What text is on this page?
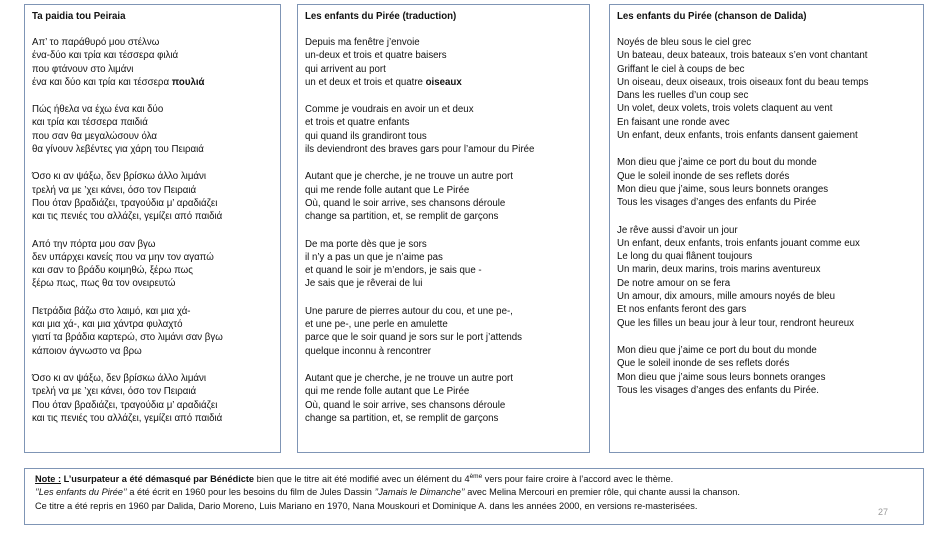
Ta paidia tou Peiraia
Απ’ το παράθυρό μου στέλνω
ένα-δύο και τρία και τέσσερα φιλιά
που φτάνουν στο λιμάνι
ένα και δύο και τρία και τέσσερα πουλιά
Πώς ήθελα να έχω ένα και δύο
και τρία και τέσσερα παιδιά
που σαν θα μεγαλώσουν όλα
θα γίνουν λεβέντες για χάρη του Πειραιά
Όσο κι αν ψάξω, δεν βρίσκω άλλο λιμάνι
τρελή να με ’χει κάνει, όσο τον Πειραιά
Που όταν βραδιάζει, τραγούδια μ’ αραδιάζει
και τις πενιές του αλλάζει, γεμίζει από παιδιά
Από την πόρτα μου σαν βγω
δεν υπάρχει κανείς που να μην τον αγαπώ
και σαν το βράδυ κοιμηθώ, ξέρω πως
ξέρω πως, πως θα τον ονειρευτώ
Πετράδια βάζω στο λαιμό, και μια χά-
και μια χά-, και μια χάντρα φυλαχτό
γιατί τα βράδια καρτερώ, στο λιμάνι σαν βγω
κάποιον άγνωστο να βρω
Όσο κι αν ψάξω, δεν βρίσκω άλλο λιμάνι
τρελή να με ’χει κάνει, όσο τον Πειραιά
Που όταν βραδιάζει, τραγούδια μ’ αραδιάζει
και τις πενιές του αλλάζει, γεμίζει από παιδιά
Les enfants du Pirée (traduction)
Depuis ma fenêtre j’envoie
un-deux et trois et quatre baisers
qui arrivent au port
un et deux et trois et quatre oiseaux
Comme je voudrais en avoir un et deux
et trois et quatre enfants
qui quand ils grandiront tous
ils deviendront des braves gars pour l’amour du Pirée
Autant que je cherche, je ne trouve un autre port
qui me rende folle autant que Le Pirée
Où, quand le soir arrive, ses chansons déroule
change sa partition, et, se remplit de garçons
De ma porte dès que je sors
il n’y a pas un que je n’aime pas
et quand le soir je m’endors, je sais que -
Je sais que je rêverai de lui
Une parure de pierres autour du cou, et une pe-,
et une pe-, une perle en amulette
parce que le soir quand je sors sur le port j’attends
quelque inconnu à rencontrer
Autant que je cherche, je ne trouve un autre port
qui me rende folle autant que Le Pirée
Où, quand le soir arrive, ses chansons déroule
change sa partition, et, se remplit de garçons
Les enfants du Pirée (chanson de Dalida)
Noyés de bleu sous le ciel grec
Un bateau, deux bateaux, trois bateaux s’en vont chantant
Griffant le ciel à coups de bec
Un oiseau, deux oiseaux, trois oiseaux font du beau temps
Dans les ruelles d’un coup sec
Un volet, deux volets, trois volets claquent au vent
En faisant une ronde avec
Un enfant, deux enfants, trois enfants dansent gaiement
Mon dieu que j’aime ce port du bout du monde
Que le soleil inonde de ses reflets dorés
Mon dieu que j’aime, sous leurs bonnets oranges
Tous les visages d’anges des enfants du Pirée
Je rêve aussi d’avoir un jour
Un enfant, deux enfants, trois enfants jouant comme eux
Le long du quai flânent toujours
Un marin, deux marins, trois marins aventureux
De notre amour on se fera
Un amour, dix amours, mille amours noyés de bleu
Et nos enfants feront des gars
Que les filles un beau jour à leur tour, rendront heureux
Mon dieu que j’aime ce port du bout du monde
Que le soleil inonde de ses reflets dorés
Mon dieu que j’aime sous leurs bonnets oranges
Tous les visages d’anges des enfants du Pirée.
Note : L’usurpateur a été démasqué par Bénédicte bien que le titre ait été modifié avec un élément du 4ème vers pour faire croire à l’accord avec le thème.
’’Les enfants du Pirée’’ a été écrit en 1960 pour les besoins du film de Jules Dassin ’’Jamais le Dimanche’’ avec Melina Mercouri en premier rôle, qui chante aussi la chanson.
Ce titre a été repris en 1960 par Dalida, Dario Moreno, Luis Mariano en 1970, Nana Mouskouri et Dominique A. dans les années 2000, en versions re-masterisées.
27
